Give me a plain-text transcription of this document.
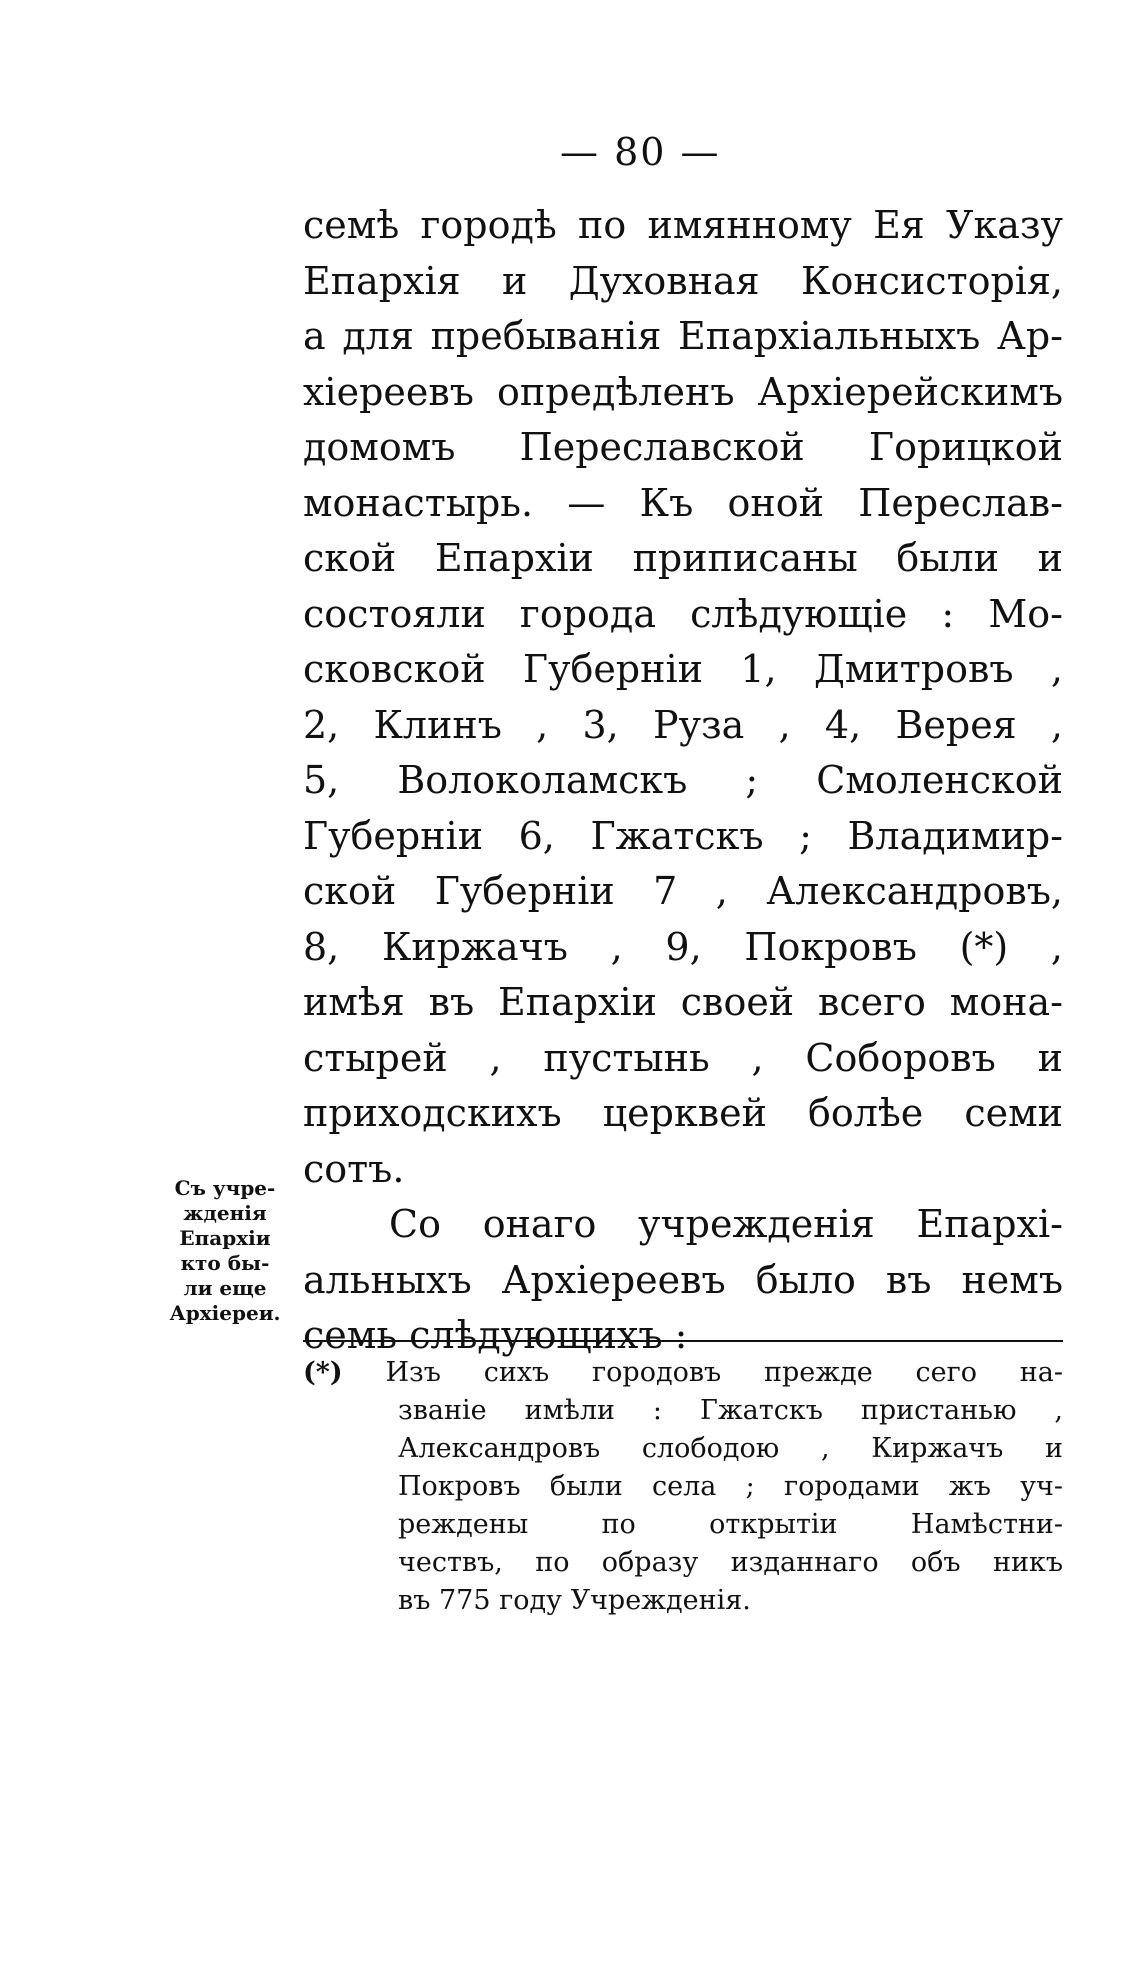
— 80 —
семѣ городѣ по имянному Ея Указу
Епархія и Духовная Консисторія,
а для пребыванія Епархіальныхъ Ар-
хіереевъ опредѣленъ Архіерейскимъ
домомъ Переславской Горицкой
монастырь. — Къ оной Переслав-
ской Епархіи приписаны были и
состояли города слѣдующіе : Мо-
сковской Губерніи 1, Дмитровъ ,
2, Клинъ , 3, Руза , 4, Верея ,
5, Волоколамскъ ; Смоленской
Губерніи 6, Гжатскъ ; Владимир-
ской Губерніи 7 , Александровъ,
8, Киржачъ , 9, Покровъ (*) ,
имѣя въ Епархіи своей всего мона-
стырей , пустынь , Соборовъ и
приходскихъ церквей болѣе семи
сотъ.
Со онаго учрежденія Епархі-
альныхъ Архіереевъ было въ немъ
семь слѣдующихъ :
Съ учре-
жденія
Епархіи
кто бы-
ли еще
Архіереи.
(*) Изъ сихъ городовъ прежде сего на-
званіе имѣли : Гжатскъ пристанью ,
Александровъ слободою , Киржачъ и
Покровъ были села ; городами жъ уч-
реждены по открытіи Намѣстни-
чествъ, по образу изданнаго объ никъ
въ 775 году Учрежденія.
